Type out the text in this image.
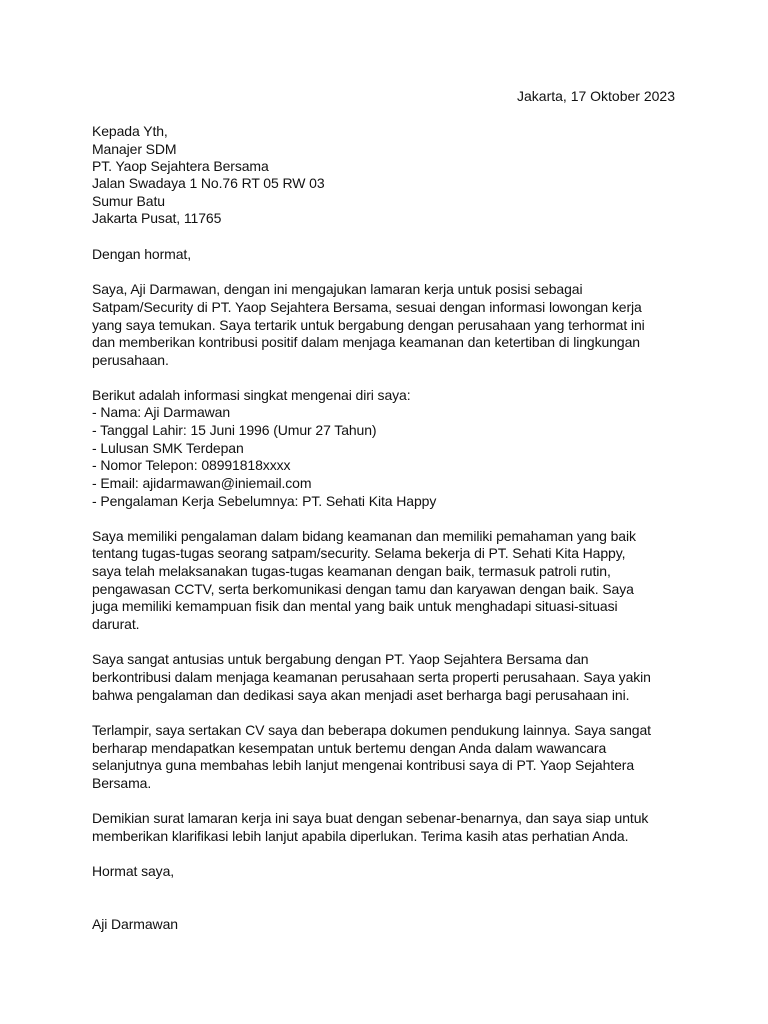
Jakarta, 17 Oktober 2023
Kepada Yth,
Manajer SDM
PT. Yaop Sejahtera Bersama
Jalan Swadaya 1 No.76 RT 05 RW 03
Sumur Batu
Jakarta Pusat, 11765
Dengan hormat,
Saya, Aji Darmawan, dengan ini mengajukan lamaran kerja untuk posisi sebagai
Satpam/Security di PT. Yaop Sejahtera Bersama, sesuai dengan informasi lowongan kerja
yang saya temukan. Saya tertarik untuk bergabung dengan perusahaan yang terhormat ini
dan memberikan kontribusi positif dalam menjaga keamanan dan ketertiban di lingkungan
perusahaan.
Berikut adalah informasi singkat mengenai diri saya:
- Nama: Aji Darmawan
- Tanggal Lahir: 15 Juni 1996 (Umur 27 Tahun)
- Lulusan SMK Terdepan
- Nomor Telepon: 08991818xxxx
- Email: ajidarmawan@iniemail.com
- Pengalaman Kerja Sebelumnya: PT. Sehati Kita Happy
Saya memiliki pengalaman dalam bidang keamanan dan memiliki pemahaman yang baik
tentang tugas-tugas seorang satpam/security. Selama bekerja di PT. Sehati Kita Happy,
saya telah melaksanakan tugas-tugas keamanan dengan baik, termasuk patroli rutin,
pengawasan CCTV, serta berkomunikasi dengan tamu dan karyawan dengan baik. Saya
juga memiliki kemampuan fisik dan mental yang baik untuk menghadapi situasi-situasi
darurat.
Saya sangat antusias untuk bergabung dengan PT. Yaop Sejahtera Bersama dan
berkontribusi dalam menjaga keamanan perusahaan serta properti perusahaan. Saya yakin
bahwa pengalaman dan dedikasi saya akan menjadi aset berharga bagi perusahaan ini.
Terlampir, saya sertakan CV saya dan beberapa dokumen pendukung lainnya. Saya sangat
berharap mendapatkan kesempatan untuk bertemu dengan Anda dalam wawancara
selanjutnya guna membahas lebih lanjut mengenai kontribusi saya di PT. Yaop Sejahtera
Bersama.
Demikian surat lamaran kerja ini saya buat dengan sebenar-benarnya, dan saya siap untuk
memberikan klarifikasi lebih lanjut apabila diperlukan. Terima kasih atas perhatian Anda.
Hormat saya,
Aji Darmawan
